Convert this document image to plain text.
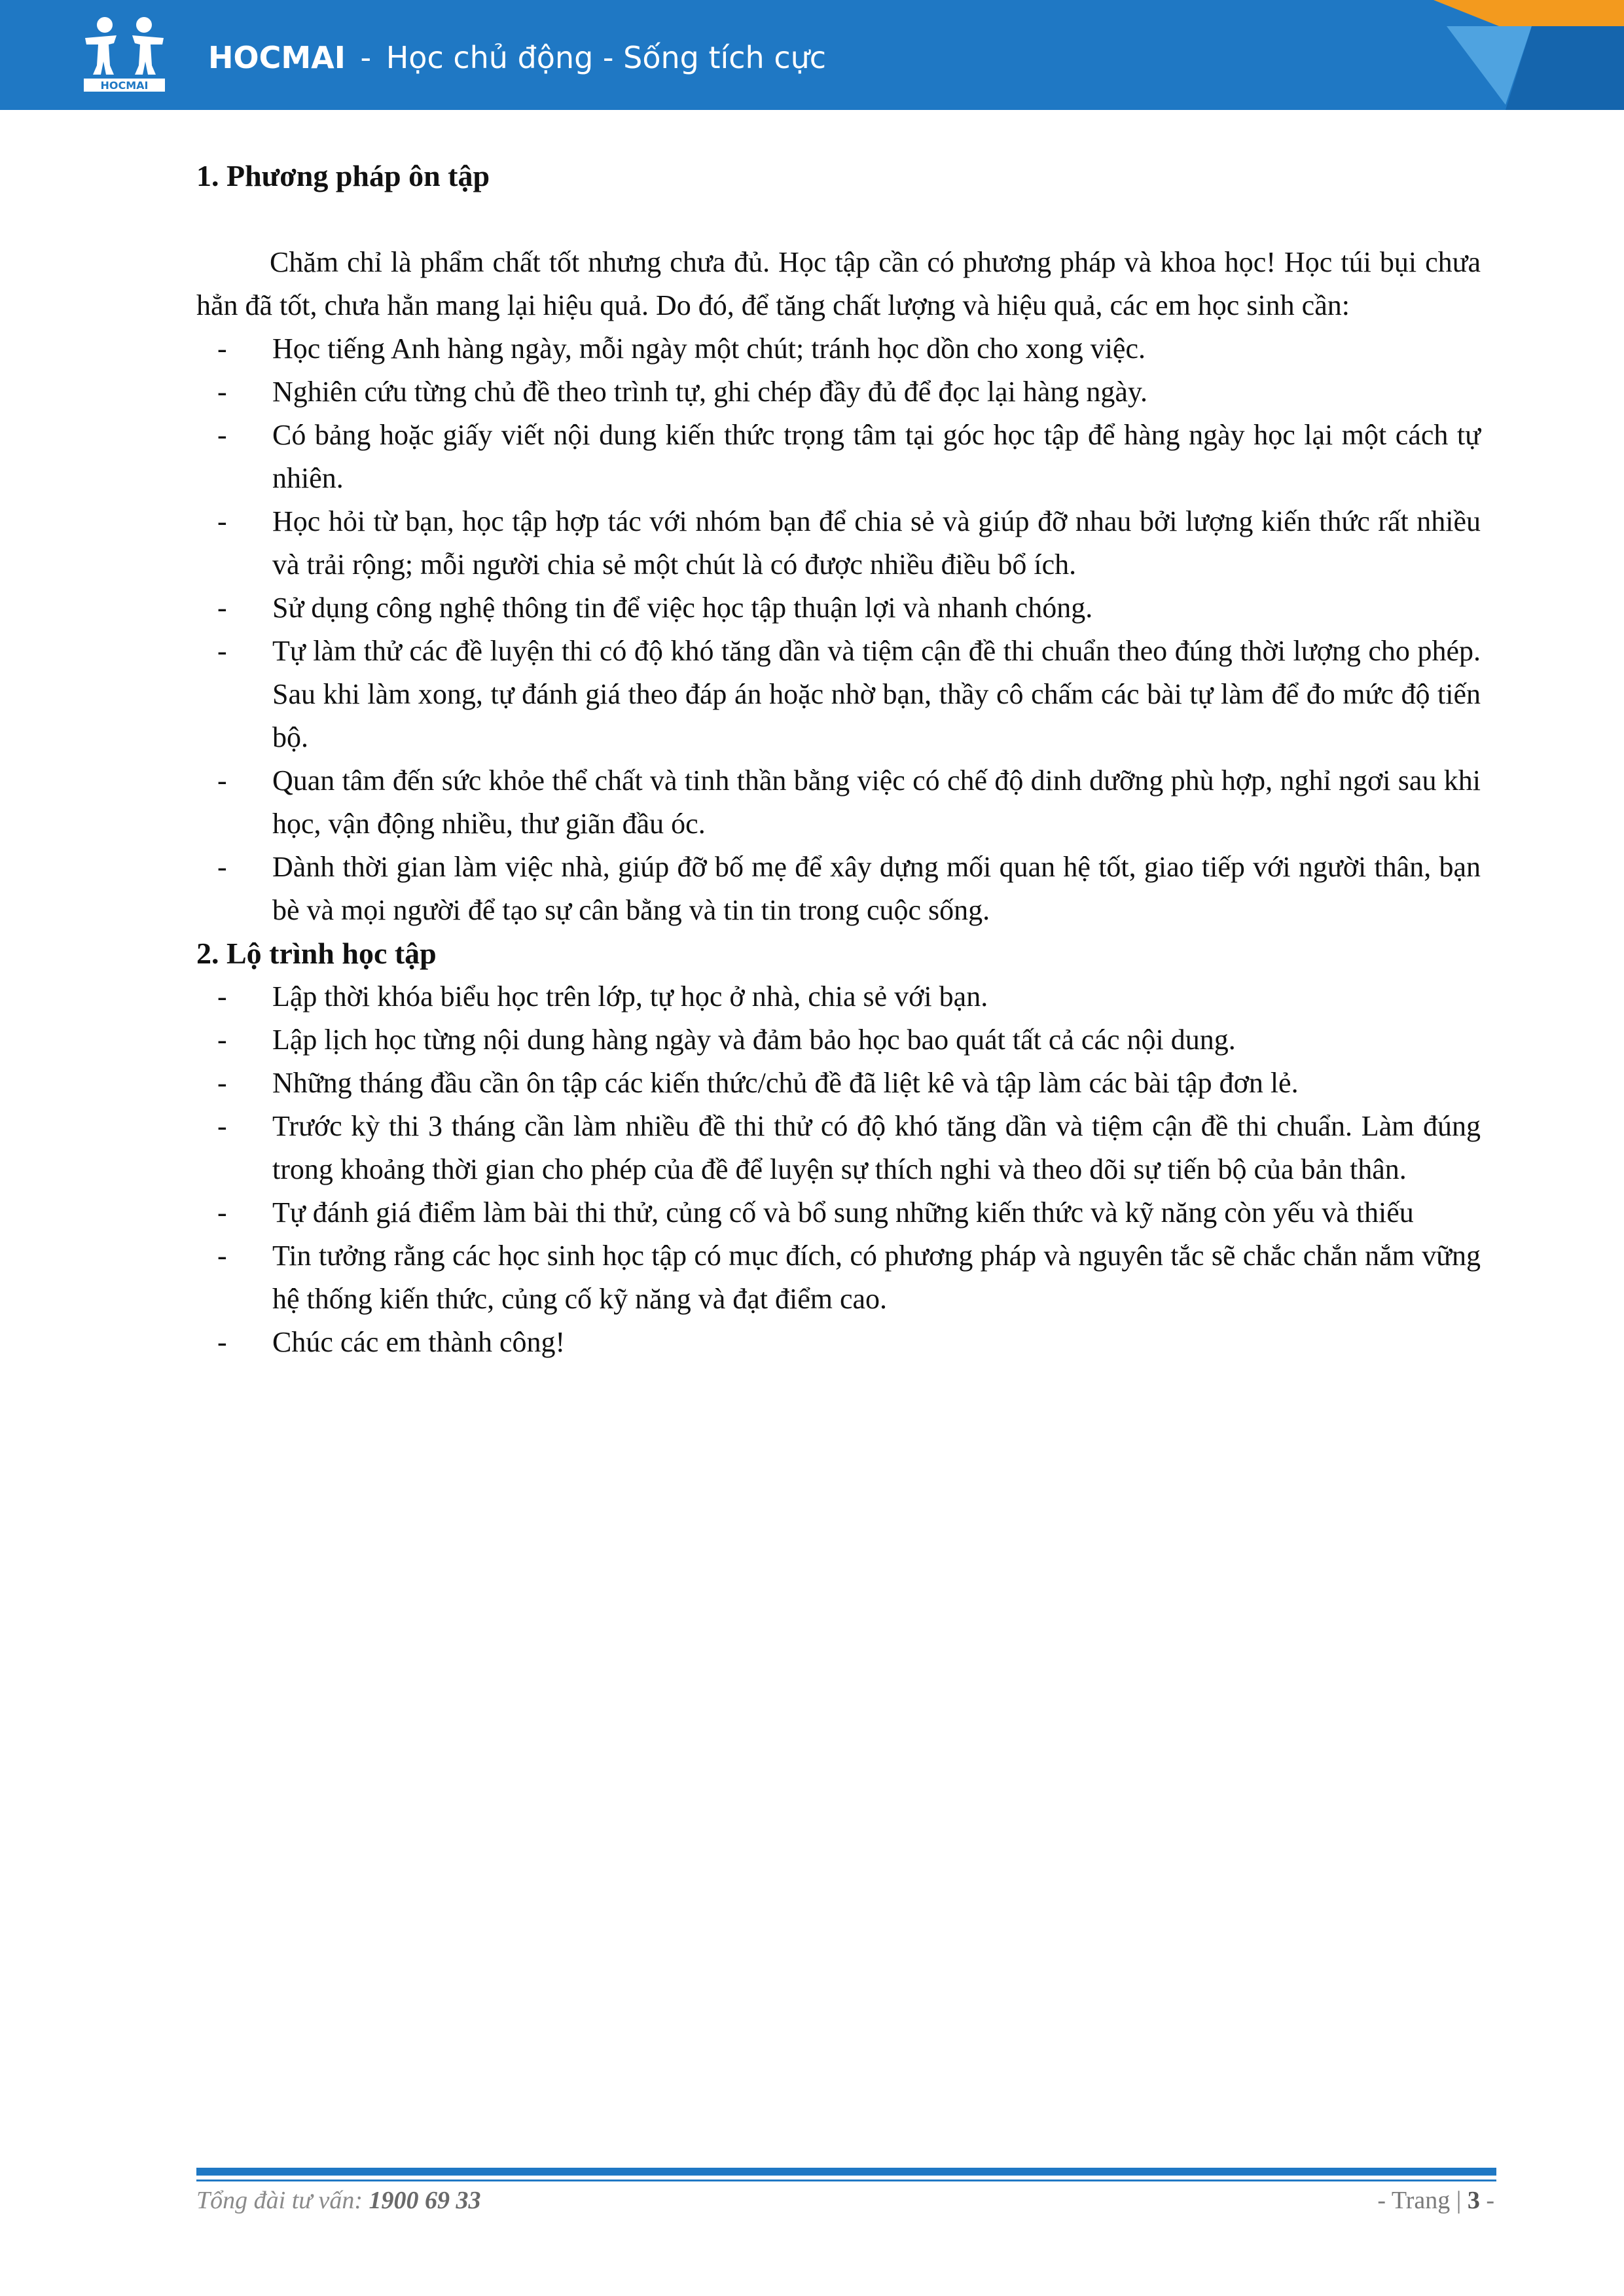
HOCMAI
HOCMAI - Học chủ động - Sống tích cực
1. Phương pháp ôn tập

Chăm chỉ là phẩm chất tốt nhưng chưa đủ. Học tập cần có phương pháp và khoa học! Học túi bụi chưa hẳn đã tốt, chưa hẳn mang lại hiệu quả. Do đó, để tăng chất lượng và hiệu quả, các em học sinh cần:

- Học tiếng Anh hàng ngày, mỗi ngày một chút; tránh học dồn cho xong việc.
- Nghiên cứu từng chủ đề theo trình tự, ghi chép đầy đủ để đọc lại hàng ngày.
- Có bảng hoặc giấy viết nội dung kiến thức trọng tâm tại góc học tập để hàng ngày học lại một cách tự nhiên.
- Học hỏi từ bạn, học tập hợp tác với nhóm bạn để chia sẻ và giúp đỡ nhau bởi lượng kiến thức rất nhiều và trải rộng; mỗi người chia sẻ một chút là có được nhiều điều bổ ích.
- Sử dụng công nghệ thông tin để việc học tập thuận lợi và nhanh chóng.
- Tự làm thử các đề luyện thi có độ khó tăng dần và tiệm cận đề thi chuẩn theo đúng thời lượng cho phép. Sau khi làm xong, tự đánh giá theo đáp án hoặc nhờ bạn, thầy cô chấm các bài tự làm để đo mức độ tiến bộ.
- Quan tâm đến sức khỏe thể chất và tinh thần bằng việc có chế độ dinh dưỡng phù hợp, nghỉ ngơi sau khi học, vận động nhiều, thư giãn đầu óc.
- Dành thời gian làm việc nhà, giúp đỡ bố mẹ để xây dựng mối quan hệ tốt, giao tiếp với người thân, bạn bè và mọi người để tạo sự cân bằng và tin tin trong cuộc sống.
2. Lộ trình học tập
- Lập thời khóa biểu học trên lớp, tự học ở nhà, chia sẻ với bạn.
- Lập lịch học từng nội dung hàng ngày và đảm bảo học bao quát tất cả các nội dung.
- Những tháng đầu cần ôn tập các kiến thức/chủ đề đã liệt kê và tập làm các bài tập đơn lẻ.
- Trước kỳ thi 3 tháng cần làm nhiều đề thi thử có độ khó tăng dần và tiệm cận đề thi chuẩn. Làm đúng trong khoảng thời gian cho phép của đề để luyện sự thích nghi và theo dõi sự tiến bộ của bản thân.
- Tự đánh giá điểm làm bài thi thử, củng cố và bổ sung những kiến thức và kỹ năng còn yếu và thiếu
- Tin tưởng rằng các học sinh học tập có mục đích, có phương pháp và nguyên tắc sẽ chắc chắn nắm vững hệ thống kiến thức, củng cố kỹ năng và đạt điểm cao.
- Chúc các em thành công!
Tổng đài tư vấn: 1900 69 33	- Trang | 3 -
